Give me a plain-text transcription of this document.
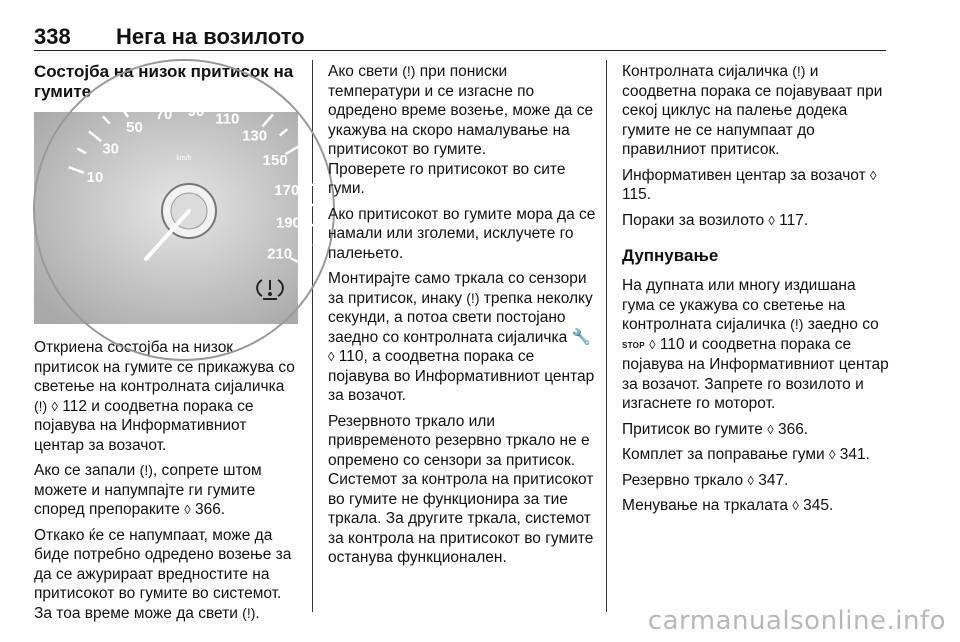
338 Нега на возилото
Состојба на низок притисок на гумите
10
30
50
70 90 110
130
150
170
190
210
km/h

Откриена состојба на низок притисок на гумите се прикажува со светење на контролната сијаличка (!) ◊ 112 и соодветна порака се појавува на Информативниот центар за возачот.

Ако се запали (!), сопрете штом можете и напумпајте ги гумите според препораките ◊ 366.

Откако ќе се напумпаат, може да биде потребно одредено возење за да се ажурираат вредностите на притисокот во гумите во системот. За тоа време може да свети (!).

Ако свети (!) при пониски температури и се изгасне по одредено време возење, може да се укажува на скоро намалување на притисокот во гумите.
Проверете го притисокот во сите гуми.

Ако притисокот во гумите мора да се намали или зголеми, исклучете го палењето.

Монтирајте само тркала со сензори за притисок, инаку (!) трепка неколку секунди, а потоа свети постојано заедно со контролната сијаличка 🔧 ◊ 110, а соодветна порака се појавува во Информативниот центар за возачот.

Резервното тркало или привременото резервно тркало не е опремено со сензори за притисок. Системот за контрола на притисокот во гумите не функционира за тие тркала. За другите тркала, системот за контрола на притисокот во гумите останува функционален.

Контролната сијаличка (!) и соодветна порака се појавуваат при секој циклус на палење додека гумите не се напумпаат до правилниот притисок.

Информативен центар за возачот ◊ 115.

Пораки за возилото ◊ 117.

Дупнување

На дупната или многу издишана гума се укажува со светење на контролната сијаличка (!) заедно со STOP ◊ 110 и соодветна порака се појавува на Информативниот центар за возачот. Запрете го возилото и изгаснете го моторот.

Притисок во гумите ◊ 366.

Комплет за поправање гуми ◊ 341.

Резервно тркало ◊ 347.

Менување на тркалата ◊ 345.

carmanualsonline.info
